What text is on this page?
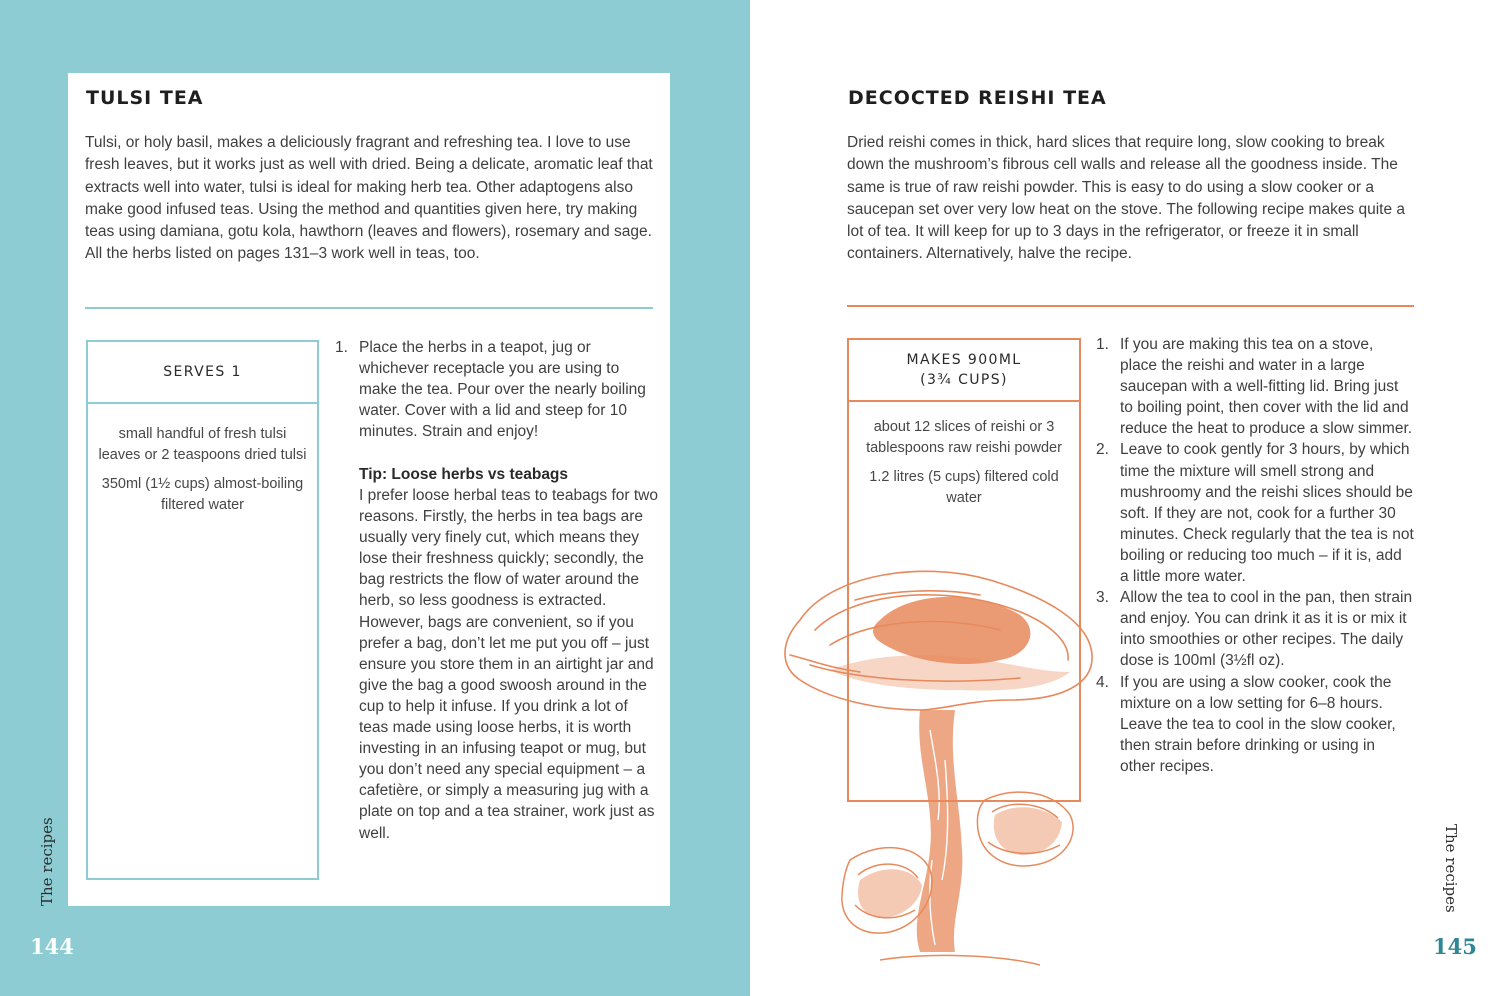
TULSI TEA

Tulsi, or holy basil, makes a deliciously fragrant and refreshing tea. I love to use fresh leaves, but it works just as well with dried. Being a delicate, aromatic leaf that extracts well into water, tulsi is ideal for making herb tea. Other adaptogens also make good infused teas. Using the method and quantities given here, try making teas using damiana, gotu kola, hawthorn (leaves and flowers), rosemary and sage. All the herbs listed on pages 131–3 work well in teas, too.

SERVES 1

small handful of fresh tulsi leaves or 2 teaspoons dried tulsi

350ml (1½ cups) almost-boiling filtered water

1. Place the herbs in a teapot, jug or whichever receptacle you are using to make the tea. Pour over the nearly boiling water. Cover with a lid and steep for 10 minutes. Strain and enjoy!
Tip: Loose herbs vs teabags

I prefer loose herbal teas to teabags for two reasons. Firstly, the herbs in tea bags are usually very finely cut, which means they lose their freshness quickly; secondly, the bag restricts the flow of water around the herb, so less goodness is extracted. However, bags are convenient, so if you prefer a bag, don’t let me put you off – just ensure you store them in an airtight jar and give the bag a good swoosh around in the cup to help it infuse. If you drink a lot of teas made using loose herbs, it is worth investing in an infusing teapot or mug, but you don’t need any special equipment – a cafetière, or simply a measuring jug with a plate on top and a tea strainer, work just as well.

The recipes
144
DECOCTED REISHI TEA

Dried reishi comes in thick, hard slices that require long, slow cooking to break down the mushroom’s fibrous cell walls and release all the goodness inside. The same is true of raw reishi powder. This is easy to do using a slow cooker or a saucepan set over very low heat on the stove. The following recipe makes quite a lot of tea. It will keep for up to 3 days in the refrigerator, or freeze it in small containers. Alternatively, halve the recipe.

MAKES 900ML
(3¾ CUPS)

about 12 slices of reishi or 3 tablespoons raw reishi powder

1.2 litres (5 cups) filtered cold water

1. If you are making this tea on a stove, place the reishi and water in a large saucepan with a well-fitting lid. Bring just to boiling point, then cover with the lid and reduce the heat to produce a slow simmer.
2. Leave to cook gently for 3 hours, by which time the mixture will smell strong and mushroomy and the reishi slices should be soft. If they are not, cook for a further 30 minutes. Check regularly that the tea is not boiling or reducing too much – if it is, add a little more water.
3. Allow the tea to cool in the pan, then strain and enjoy. You can drink it as it is or mix it into smoothies or other recipes. The daily dose is 100ml (3½fl oz).
4. If you are using a slow cooker, cook the mixture on a low setting for 6–8 hours. Leave the tea to cool in the slow cooker, then strain before drinking or using in other recipes.
The recipes
145
